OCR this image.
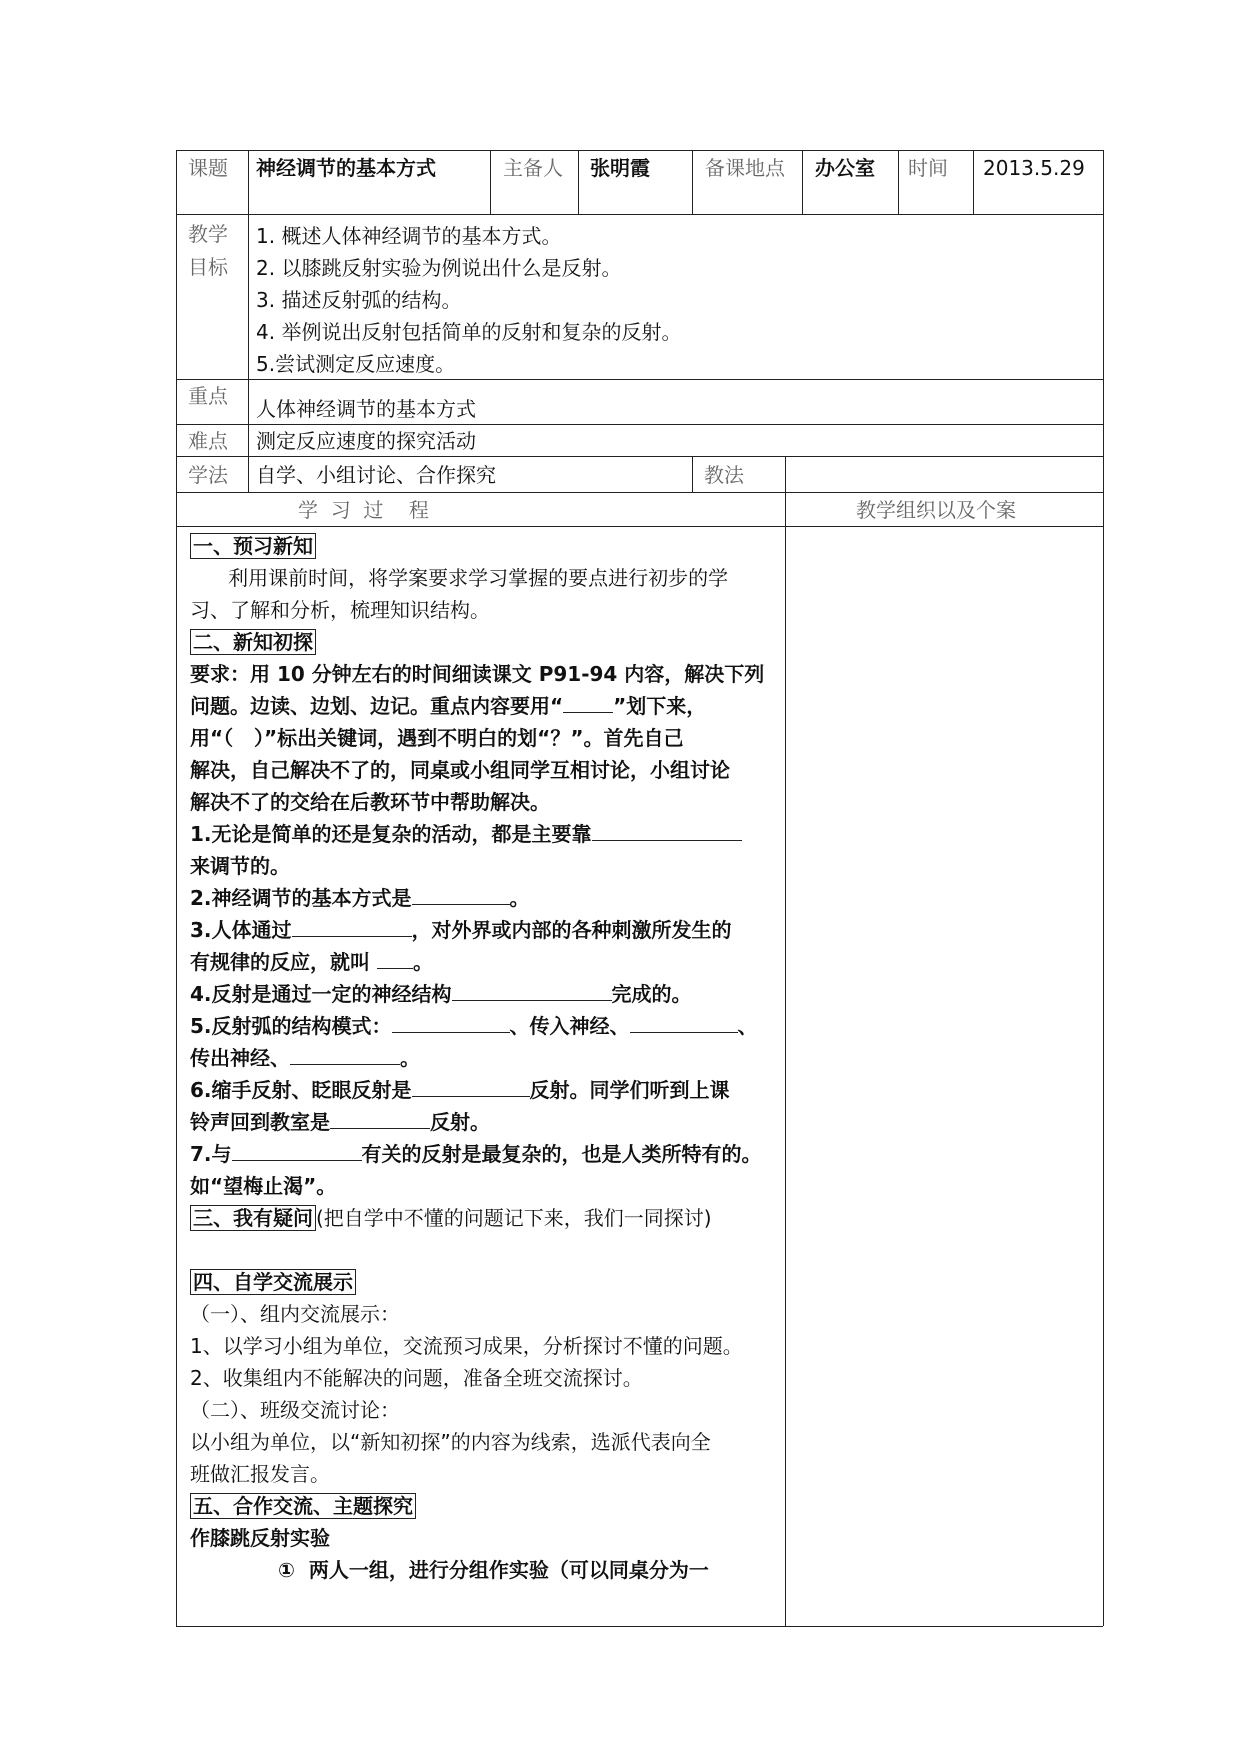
课题 神经调节的基本方式	主备人 张明霞	备课地点 办公室 时间 2013.5.29
教学
目标
1. 概述人体神经调节的基本方式。
2. 以膝跳反射实验为例说出什么是反射。
3. 描述反射弧的结构。
4. 举例说出反射包括简单的反射和复杂的反射。
5.尝试测定反应速度。
重点
人体神经调节的基本方式
难点 测定反应速度的探究活动
学法 自学、小组讨论、合作探究	教法
学  习  过    程	教学组织以及个案
一、预习新知
利用课前时间，将学案要求学习掌握的要点进行初步的学
习、了解和分析，梳理知识结构。
二、新知初探
要求：用 10 分钟左右的时间细读课文 P91-94 内容，解决下列
问题。边读、边划、边记。重点内容要用“	”划下来，
用“（   ）”标出关键词，遇到不明白的划“？”。首先自己
解决，自己解决不了的，同桌或小组同学互相讨论，小组讨论
解决不了的交给在后教环节中帮助解决。
1.无论是简单的还是复杂的活动，都是主要靠
来调节的。
2.神经调节的基本方式是	。
3.人体通过	，对外界或内部的各种刺激所发生的
有规律的反应，就叫 。
4.反射是通过一定的神经结构	完成的。
5.反射弧的结构模式：	、传入神经、	、
传出神经、	。
6.缩手反射、眨眼反射是	反射。同学们听到上课
铃声回到教室是	反射。
7.与	有关的反射是最复杂的，也是人类所特有的。
如“望梅止渴”。
三、我有疑问 (把自学中不懂的问题记下来，我们一同探讨)
四、自学交流展示
（一）、组内交流展示：
1、以学习小组为单位，交流预习成果，分析探讨不懂的问题。
2、收集组内不能解决的问题，准备全班交流探讨。
（二）、班级交流讨论：
以小组为单位，以“新知初探”的内容为线索，选派代表向全
班做汇报发言。
五、合作交流、主题探究
作膝跳反射实验
①  两人一组，进行分组作实验（可以同桌分为一
